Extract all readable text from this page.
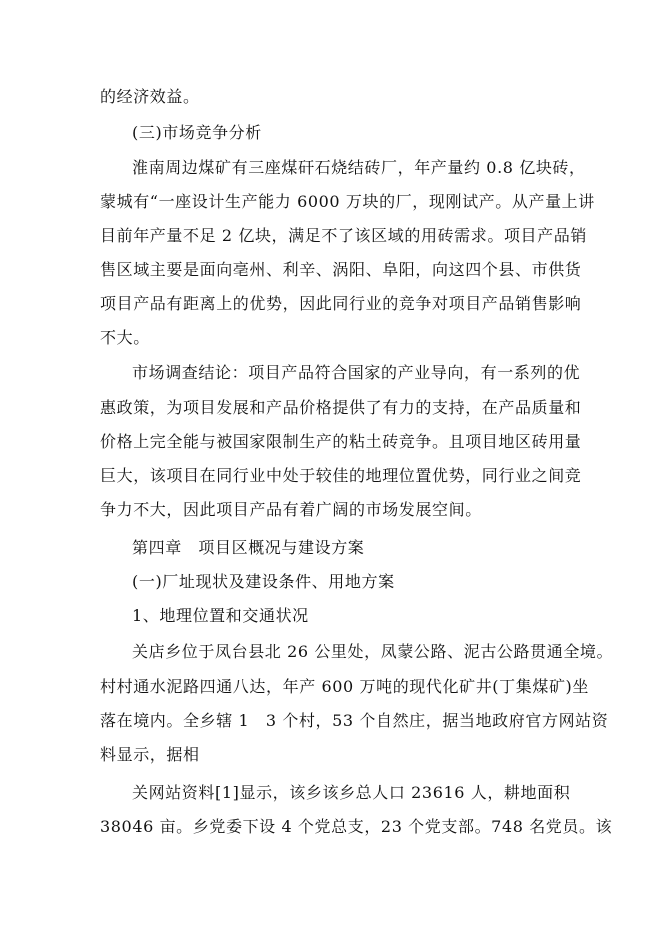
的经济效益。
(三)市场竞争分析
淮南周边煤矿有三座煤矸石烧结砖厂，年产量约 0.8 亿块砖，
蒙城有“一座设计生产能力 6000 万块的厂，现刚试产。从产量上讲
目前年产量不足 2 亿块，满足不了该区域的用砖需求。项目产品销
售区域主要是面向亳州、利辛、涡阳、阜阳，向这四个县、市供货
项目产品有距离上的优势，因此同行业的竞争对项目产品销售影响
不大。
市场调查结论：项目产品符合国家的产业导向，有一系列的优
惠政策，为项目发展和产品价格提供了有力的支持，在产品质量和
价格上完全能与被国家限制生产的粘土砖竞争。且项目地区砖用量
巨大，该项目在同行业中处于较佳的地理位置优势，同行业之间竞
争力不大，因此项目产品有着广阔的市场发展空间。
第四章　项目区概况与建设方案
(一)厂址现状及建设条件、用地方案
1、地理位置和交通状况
关店乡位于凤台县北 26 公里处，凤蒙公路、泥古公路贯通全境。
村村通水泥路四通八达，年产 600 万吨的现代化矿井(丁集煤矿)坐
落在境内。全乡辖 1　3 个村，53 个自然庄，据当地政府官方网站资
料显示，据相
关网站资料[1]显示，该乡该乡总人口 23616 人，耕地面积
38046 亩。乡党委下设 4 个党总支，23 个党支部。748 名党员。该
